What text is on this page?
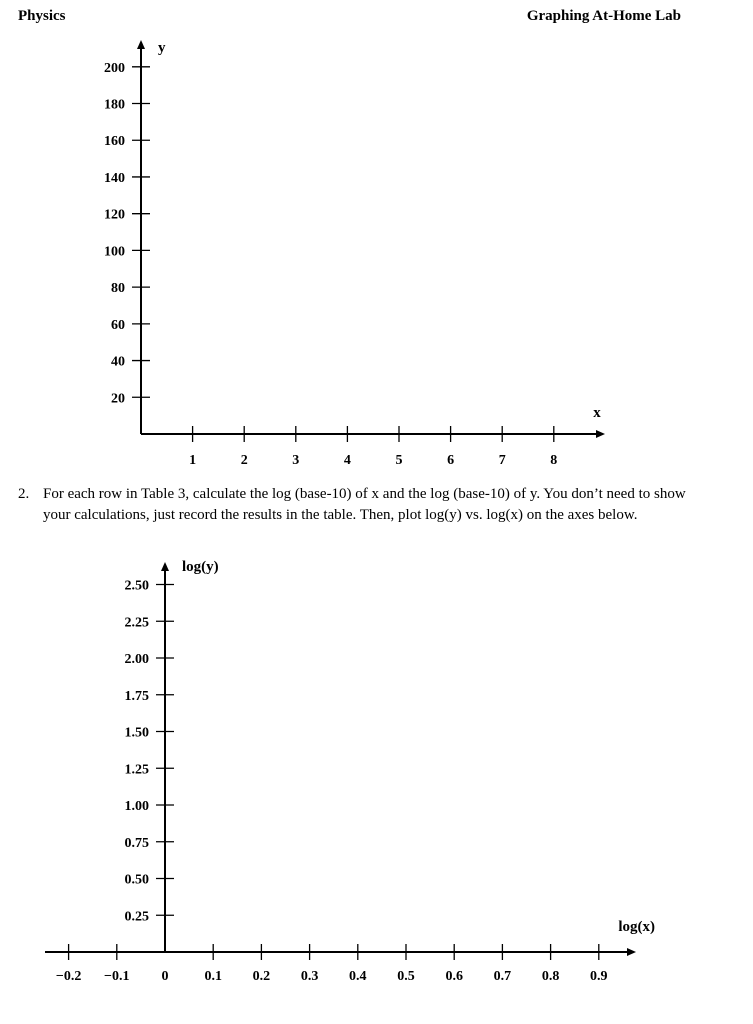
Physics	Graphing At-Home Lab
1	2	3	4	5	6	7	8
20
40
60
80
100
120
140
160
180
200
x
y
2. For each row in Table 3, calculate the log (base-10) of x and the log (base-10) of y. You don’t need to show your calculations, just record the results in the table. Then, plot log(y) vs. log(x) on the axes below.
−0.2 −0.1 0	0.1 0.2 0.3 0.4 0.5 0.6 0.7 0.8 0.9
0.25
0.50
0.75
1.00
1.25
1.50
1.75
2.00
2.25
2.50
log(x)
log(y)
